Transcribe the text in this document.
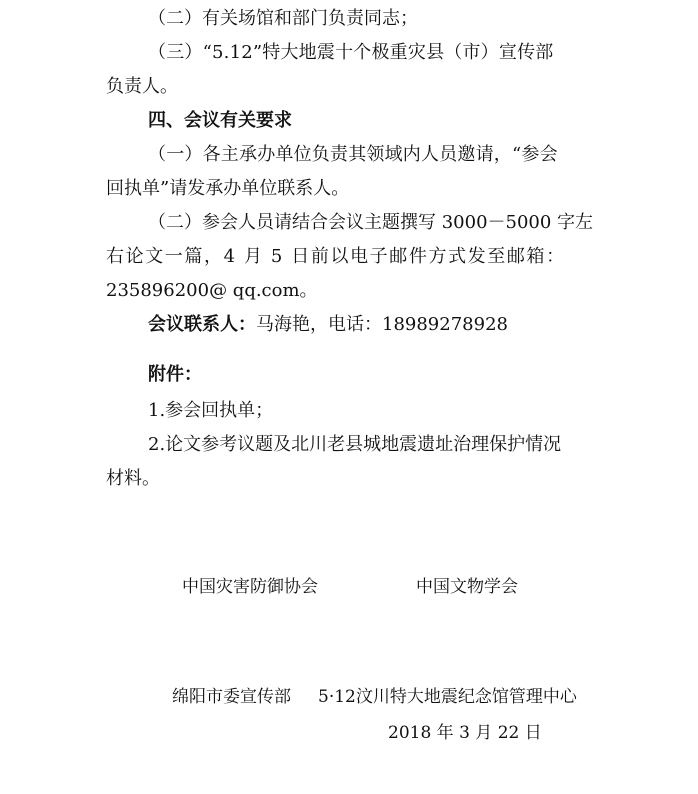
（二）有关场馆和部门负责同志；
（三）“5.12”特大地震十个极重灾县（市）宣传部
负责人。
四、会议有关要求
（一）各主承办单位负责其领域内人员邀请，“参会
回执单”请发承办单位联系人。
（二）参会人员请结合会议主题撰写 3000－5000 字左
右论文一篇，4 月 5 日前以电子邮件方式发至邮箱：
235896200@ qq.com。
会议联系人：马海艳，电话：18989278928
附件：
1.参会回执单；
2.论文参考议题及北川老县城地震遗址治理保护情况
材料。
中国灾害防御协会	中国文物学会
绵阳市委宣传部 5·12汶川特大地震纪念馆管理中心
2018 年 3 月 22 日
